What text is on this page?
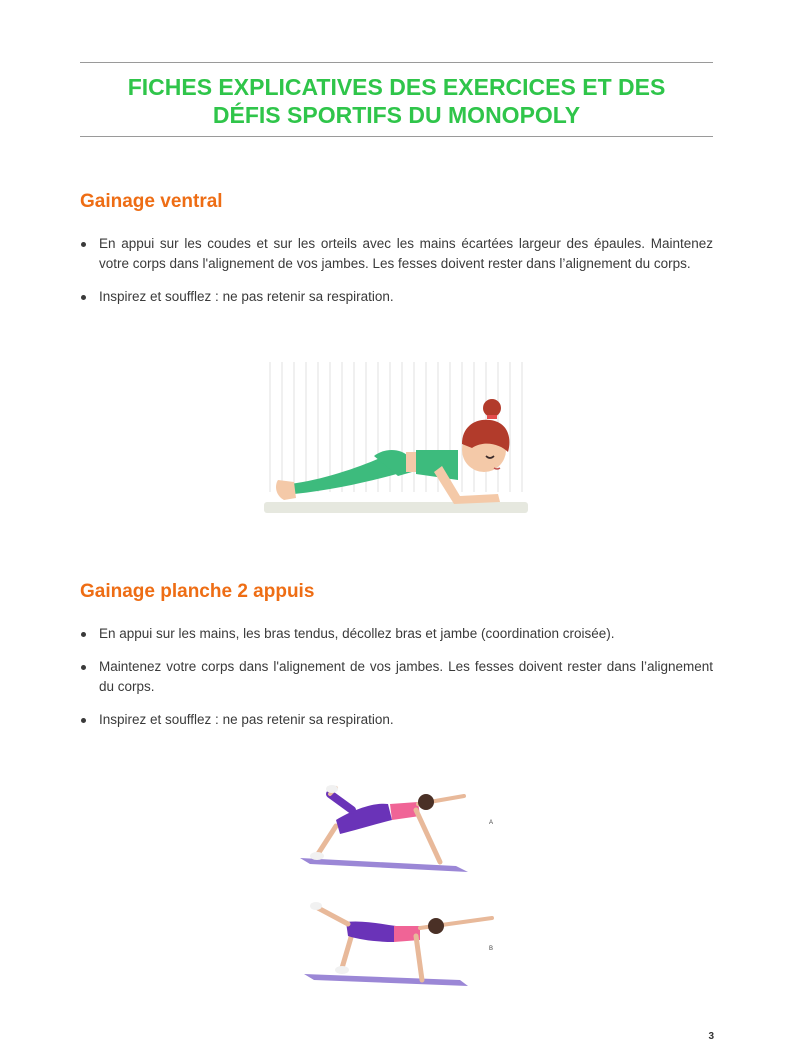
FICHES EXPLICATIVES DES EXERCICES ET DES
DÉFIS SPORTIFS DU MONOPOLY
Gainage ventral
En appui sur les coudes et sur les orteils avec les mains écartées largeur des épaules. Maintenez votre corps dans l'alignement de vos jambes. Les fesses doivent rester dans l’alignement du corps.
Inspirez et soufflez : ne pas retenir sa respiration.
Gainage planche 2 appuis
En appui sur les mains, les bras tendus, décollez bras et jambe (coordination croisée).
Maintenez votre corps dans l'alignement de vos jambes. Les fesses doivent rester dans l’alignement du corps.
Inspirez et soufflez : ne pas retenir sa respiration.
A
B
3
